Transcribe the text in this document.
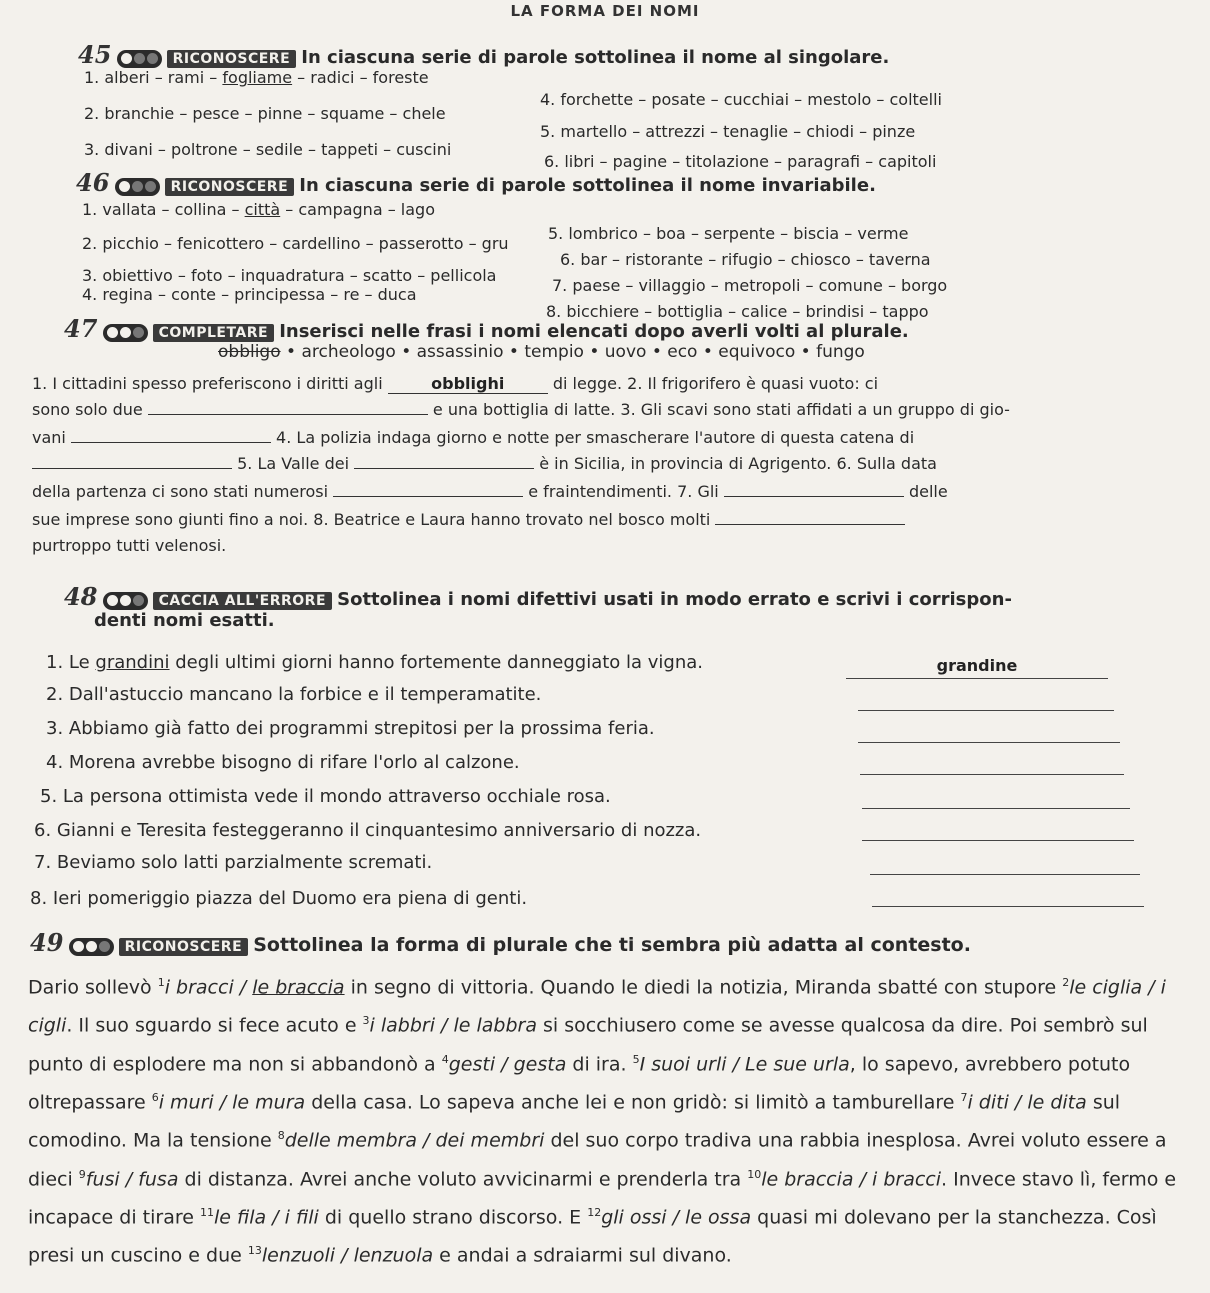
LA FORMA DEI NOMI
45	RICONOSCERE In ciascuna serie di parole sottolinea il nome al singolare.
1. alberi – rami – fogliame – radici – foreste
2. branchie – pesce – pinne – squame – chele
3. divani – poltrone – sedile – tappeti – cuscini
4. forchette – posate – cucchiai – mestolo – coltelli
5. martello – attrezzi – tenaglie – chiodi – pinze
6. libri – pagine – titolazione – paragrafi – capitoli
46	RICONOSCERE In ciascuna serie di parole sottolinea il nome invariabile.
1. vallata – collina – città – campagna – lago
2. picchio – fenicottero – cardellino – passerotto – gru
3. obiettivo – foto – inquadratura – scatto – pellicola
4. regina – conte – principessa – re – duca
5. lombrico – boa – serpente – biscia – verme
6. bar – ristorante – rifugio – chiosco – taverna
7. paese – villaggio – metropoli – comune – borgo
8. bicchiere – bottiglia – calice – brindisi – tappo
47	COMPLETARE Inserisci nelle frasi i nomi elencati dopo averli volti al plurale.
obbligo • archeologo • assassinio • tempio • uovo • eco • equivoco • fungo
1. I cittadini spesso preferiscono i diritti agli	obblighi	di legge. 2. Il frigorifero è quasi vuoto: ci
sono solo due	e una bottiglia di latte. 3. Gli scavi sono stati affidati a un gruppo di gio-
vani	4. La polizia indaga giorno e notte per smascherare l'autore di questa catena di
5. La Valle dei	è in Sicilia, in provincia di Agrigento. 6. Sulla data
della partenza ci sono stati numerosi	e fraintendimenti. 7. Gli	delle
sue imprese sono giunti fino a noi. 8. Beatrice e Laura hanno trovato nel bosco molti
purtroppo tutti velenosi.
48	CACCIA ALL'ERRORE Sottolinea i nomi difettivi usati in modo errato e scrivi i corrispon-
denti nomi esatti.
1. Le grandini degli ultimi giorni hanno fortemente danneggiato la vigna.	grandine
2. Dall'astuccio mancano la forbice e il temperamatite.
3. Abbiamo già fatto dei programmi strepitosi per la prossima feria.
4. Morena avrebbe bisogno di rifare l'orlo al calzone.
5. La persona ottimista vede il mondo attraverso occhiale rosa.
6. Gianni e Teresita festeggeranno il cinquantesimo anniversario di nozza.
7. Beviamo solo latti parzialmente scremati.
8. Ieri pomeriggio piazza del Duomo era piena di genti.
49	RICONOSCERE Sottolinea la forma di plurale che ti sembra più adatta al contesto.
Dario sollevò $^1$i bracci / le braccia in segno di vittoria. Quando le diedi la notizia, Miranda sbatté con stupore $^2$le ciglia / i cigli. Il suo sguardo si fece acuto e $^3$i labbri / le labbra si socchiusero come se avesse qualcosa da dire. Poi sembrò sul punto di esplodere ma non si abbandonò a $^4$gesti / gesta di ira. $^5$I suoi urli / Le sue urla, lo sapevo, avrebbero potuto oltrepassare $^6$i muri / le mura della casa. Lo sapeva anche lei e non gridò: si limitò a tamburellare $^7$i diti / le dita sul comodino. Ma la tensione $^8$delle membra / dei membri del suo corpo tradiva una rabbia inesplosa. Avrei voluto essere a dieci $^9$fusi / fusa di distanza. Avrei anche voluto avvicinarmi e prenderla tra $^{10}$le braccia / i bracci. Invece stavo lì, fermo e incapace di tirare $^{11}$le fila / i fili di quello strano discorso. E $^{12}$gli ossi / le ossa quasi mi dolevano per la stanchezza. Così presi un cuscino e due $^{13}$lenzuoli / lenzuola e andai a sdraiarmi sul divano.
